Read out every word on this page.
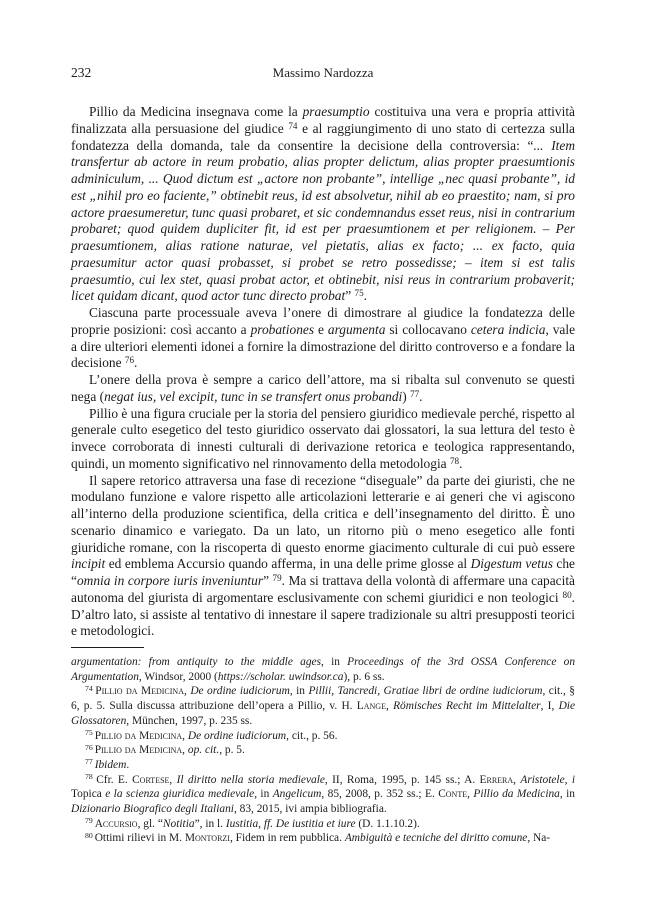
232	Massimo Nardozza

Pillio da Medicina insegnava come la praesumptio costituiva una vera e propria attività finalizzata alla persuasione del giudice $^{74}$ e al raggiungimento di uno stato di certezza sulla fondatezza della domanda, tale da consentire la decisione della controversia: “... Item transfertur ab actore in reum probatio, alias propter delictum, alias propter praesumtionis adminiculum, ... Quod dictum est „actore non probante”, intellige „nec quasi probante”, id est „nihil pro eo faciente,” obtinebit reus, id est absolvetur, nihil ab eo praestito; nam, si pro actore praesumeretur, tunc quasi probaret, et sic condemnandus esset reus, nisi in contrarium probaret; quod quidem dupliciter fit, id est per praesumtionem et per religionem. – Per praesumtionem, alias ratione naturae, vel pietatis, alias ex facto; ... ex facto, quia praesumitur actor quasi probasset, si probet se retro possedisse; – item si est talis praesumtio, cui lex stet, quasi probat actor, et obtinebit, nisi reus in contrarium probaverit; licet quidam dicant, quod actor tunc directo probat” $^{75}$.

Ciascuna parte processuale aveva l’onere di dimostrare al giudice la fondatezza delle proprie posizioni: così accanto a probationes e argumenta si collocavano cetera indicia, vale a dire ulteriori elementi idonei a fornire la dimostrazione del diritto controverso e a fondare la decisione $^{76}$.

L’onere della prova è sempre a carico dell’attore, ma si ribalta sul convenuto se questi nega (negat ius, vel excipit, tunc in se transfert onus probandi) $^{77}$.

Pillio è una figura cruciale per la storia del pensiero giuridico medievale perché, rispetto al generale culto esegetico del testo giuridico osservato dai glossatori, la sua lettura del testo è invece corroborata di innesti culturali di derivazione retorica e teologica rappresentando, quindi, un momento significativo nel rinnovamento della metodologia $^{78}$.

Il sapere retorico attraversa una fase di recezione “diseguale” da parte dei giuristi, che ne modulano funzione e valore rispetto alle articolazioni letterarie e ai generi che vi agiscono all’interno della produzione scientifica, della critica e dell’insegnamento del diritto. È uno scenario dinamico e variegato. Da un lato, un ritorno più o meno esegetico alle fonti giuridiche romane, con la riscoperta di questo enorme giacimento culturale di cui può essere incipit ed emblema Accursio quando afferma, in una delle prime glosse al Digestum vetus che “omnia in corpore iuris inveniuntur” $^{79}$. Ma si trattava della volontà di affermare una capacità autonoma del giurista di argomentare esclusivamente con schemi giuridici e non teologici $^{80}$. D’altro lato, si assiste al tentativo di innestare il sapere tradizionale su altri presupposti teorici e metodologici.

argumentation: from antiquity to the middle ages, in Proceedings of the 3rd OSSA Conference on Argumentation, Windsor, 2000 (https://scholar. uwindsor.ca), p. 6 ss.

$^{74}$ Pillio da Medicina, De ordine iudiciorum, in Pillii, Tancredi, Gratiae libri de ordine iudiciorum, cit., § 6, p. 5. Sulla discussa attribuzione dell’opera a Pillio, v. H. Lange, Römisches Recht im Mittelalter, I, Die Glossatoren, München, 1997, p. 235 ss.

$^{75}$ Pillio da Medicina, De ordine iudiciorum, cit., p. 56.

$^{76}$ Pillio da Medicina, op. cit., p. 5.

$^{77}$ Ibidem.

$^{78}$ Cfr. E. Cortese, Il diritto nella storia medievale, II, Roma, 1995, p. 145 ss.; A. Errera, Aristotele, i Topica e la scienza giuridica medievale, in Angelicum, 85, 2008, p. 352 ss.; E. Conte, Pillio da Medicina, in Dizionario Biografico degli Italiani, 83, 2015, ivi ampia bibliografia.

$^{79}$ Accursio, gl. “Notitia”, in l. Iustitia, ff. De iustitia et iure (D. 1.1.10.2).

$^{80}$ Ottimi rilievi in M. Montorzi, Fidem in rem pubblica. Ambiguità e tecniche del diritto comune, Na-
